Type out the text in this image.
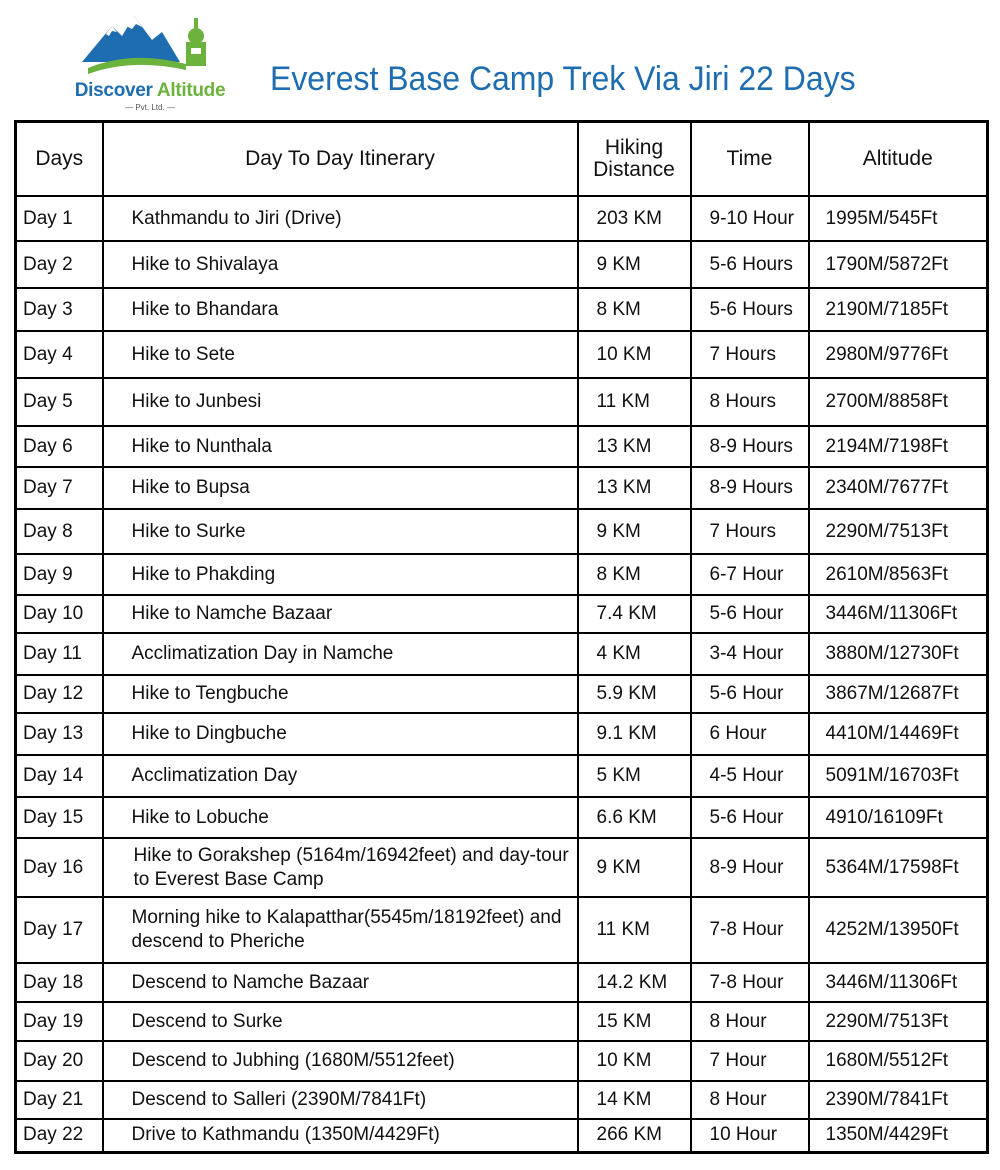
Discover Altitude
— Pvt. Ltd. —
Everest Base Camp Trek Via Jiri 22 Days
Days	Day To Day Itinerary	Hiking Distance	Time	Altitude
Day 1	Kathmandu to Jiri (Drive)	203 KM	9-10 Hour	1995M/545Ft
Day 2	Hike to Shivalaya	9 KM	5-6 Hours	1790M/5872Ft
Day 3	Hike to Bhandara	8 KM	5-6 Hours	2190M/7185Ft
Day 4	Hike to Sete	10 KM	7 Hours	2980M/9776Ft
Day 5	Hike to Junbesi	11 KM	8 Hours	2700M/8858Ft
Day 6	Hike to Nunthala	13 KM	8-9 Hours	2194M/7198Ft
Day 7	Hike to Bupsa	13 KM	8-9 Hours	2340M/7677Ft
Day 8	Hike to Surke	9 KM	7 Hours	2290M/7513Ft
Day 9	Hike to Phakding	8 KM	6-7 Hour	2610M/8563Ft
Day 10	Hike to Namche Bazaar	7.4 KM	5-6 Hour	3446M/11306Ft
Day 11	Acclimatization Day in Namche	4 KM	3-4 Hour	3880M/12730Ft
Day 12	Hike to Tengbuche	5.9 KM	5-6 Hour	3867M/12687Ft
Day 13	Hike to Dingbuche	9.1 KM	6 Hour	4410M/14469Ft
Day 14	Acclimatization Day	5 KM	4-5 Hour	5091M/16703Ft
Day 15	Hike to Lobuche	6.6 KM	5-6 Hour	4910/16109Ft
Day 16	Hike to Gorakshep (5164m/16942feet) and day-tour to Everest Base Camp	9 KM	8-9 Hour	5364M/17598Ft
Day 17	Morning hike to Kalapatthar(5545m/18192feet) and descend to Pheriche	11 KM	7-8 Hour	4252M/13950Ft
Day 18	Descend to Namche Bazaar	14.2 KM	7-8 Hour	3446M/11306Ft
Day 19	Descend to Surke	15 KM	8 Hour	2290M/7513Ft
Day 20	Descend to Jubhing (1680M/5512feet)	10 KM	7 Hour	1680M/5512Ft
Day 21	Descend to Salleri (2390M/7841Ft)	14 KM	8 Hour	2390M/7841Ft
Day 22	Drive to Kathmandu (1350M/4429Ft)	266 KM	10 Hour	1350M/4429Ft
